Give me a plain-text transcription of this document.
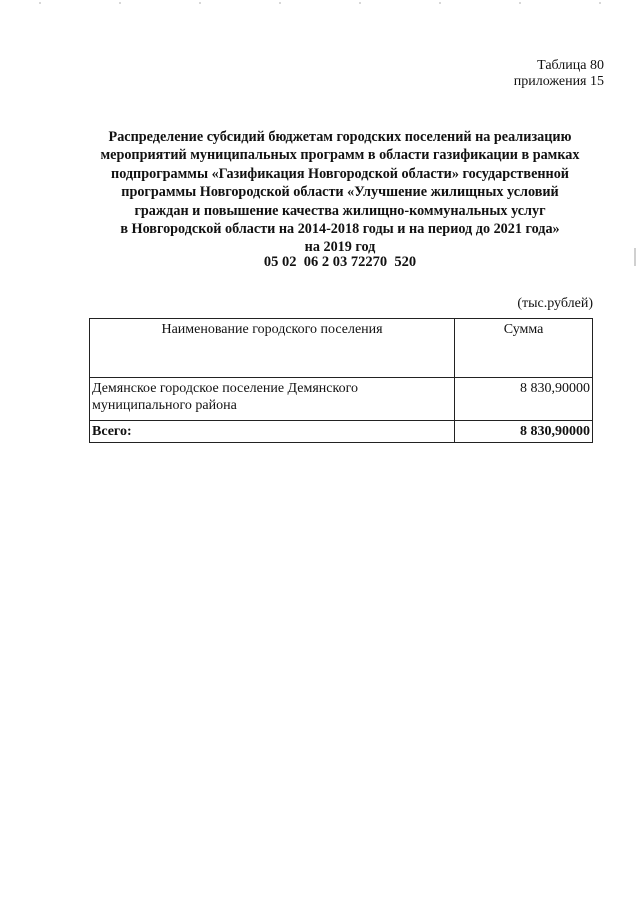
Таблица 80
приложения 15
Распределение субсидий бюджетам городских поселений на реализацию
мероприятий муниципальных программ в области газификации в рамках
подпрограммы «Газификация Новгородской области» государственной
программы Новгородской области «Улучшение жилищных условий
граждан и повышение качества жилищно-коммунальных услуг
в Новгородской области на 2014-2018 годы и на период до 2021 года»
на 2019 год
05 02  06 2 03 72270  520
(тыс.рублей)
Наименование городского поселения	Сумма
Демянское городское поселение Демянского муниципального района	8 830,90000
Всего:	8 830,90000
